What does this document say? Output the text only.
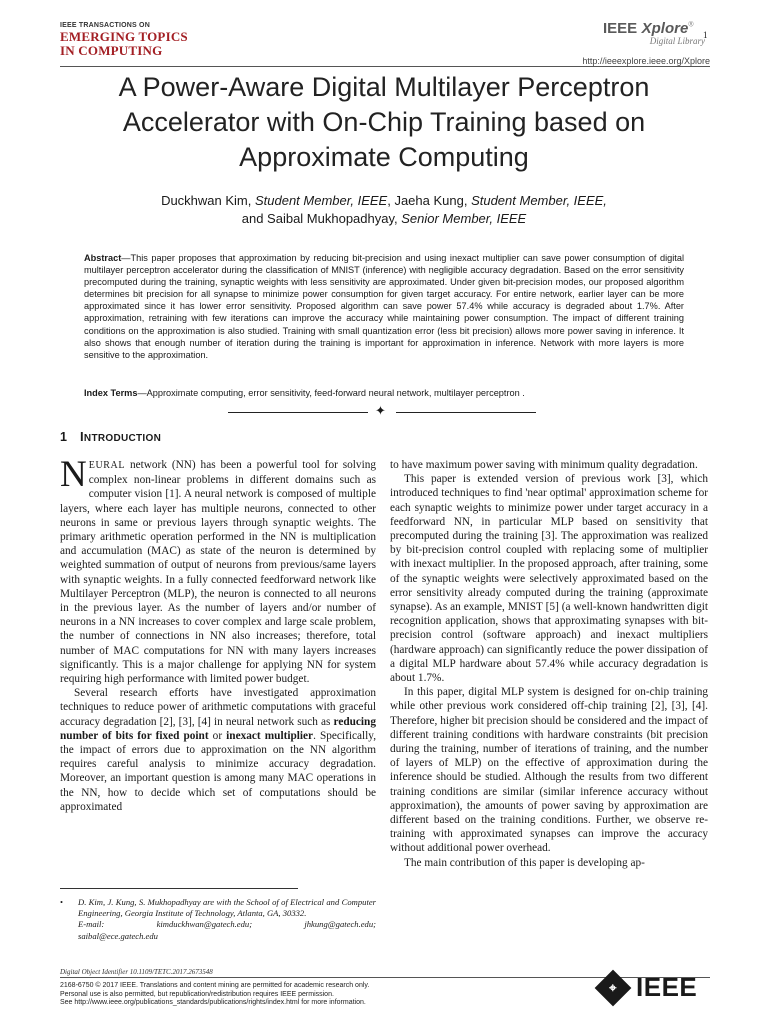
IEEE TRANSACTIONS ON
EMERGING TOPICS
IN COMPUTING
IEEE Xplore®
Digital Library
1
http://ieeexplore.ieee.org/Xplore
A Power-Aware Digital Multilayer Perceptron Accelerator with On-Chip Training based on Approximate Computing
Duckhwan Kim, Student Member, IEEE, Jaeha Kung, Student Member, IEEE,
and Saibal Mukhopadhyay, Senior Member, IEEE
Abstract—This paper proposes that approximation by reducing bit-precision and using inexact multiplier can save power consumption of digital multilayer perceptron accelerator during the classification of MNIST (inference) with negligible accuracy degradation. Based on the error sensitivity precomputed during the training, synaptic weights with less sensitivity are approximated. Under given bit-precision modes, our proposed algorithm determines bit precision for all synapse to minimize power consumption for given target accuracy. For entire network, earlier layer can be more approximated since it has lower error sensitivity. Proposed algorithm can save power 57.4% while accuracy is degraded about 1.7%. After approximation, retraining with few iterations can improve the accuracy while maintaining power consumption. The impact of different training conditions on the approximation is also studied. Training with small quantization error (less bit precision) allows more power saving in inference. It also shows that enough number of iteration during the training is important for approximation in inference. Network with more layers is more sensitive to the approximation.
Index Terms—Approximate computing, error sensitivity, feed-forward neural network, multilayer perceptron .
✦
1 INTRODUCTION

NEURAL network (NN) has been a powerful tool for solving complex non-linear problems in different domains such as computer vision [1]. A neural network is composed of multiple layers, where each layer has multiple neurons, connected to other neurons in same or previous layers through synaptic weights. The primary arithmetic operation performed in the NN is multiplication and accumulation (MAC) as state of the neuron is determined by weighted summation of output of neurons from previous/same layers with synaptic weights. In a fully connected feedforward network like Multilayer Perceptron (MLP), the neuron is connected to all neurons in the previous layer. As the number of layers and/or number of neurons in a NN increases to cover complex and large scale problem, the number of connections in NN also increases; therefore, total number of MAC computations for NN with many layers increases significantly. This is a major challenge for applying NN for system requiring high performance with limited power budget.

Several research efforts have investigated approximation techniques to reduce power of arithmetic computations with graceful accuracy degradation [2], [3], [4] in neural network such as reducing number of bits for fixed point or inexact multiplier. Specifically, the impact of errors due to approximation on the NN algorithm requires careful analysis to minimize accuracy degradation. Moreover, an important question is among many MAC operations in the NN, how to decide which set of computations should be approximated

to have maximum power saving with minimum quality degradation.

This paper is extended version of previous work [3], which introduced techniques to find 'near optimal' approximation scheme for each synaptic weights to minimize power under target accuracy in a feedforward NN, in particular MLP based on sensitivity that precomputed during the training [3]. The approximation was realized by bit-precision control coupled with replacing some of multiplier with inexact multiplier. In the proposed approach, after training, some of the synaptic weights were selectively approximated based on the error sensitivity already computed during the training (approximate synapse). As an example, MNIST [5] (a well-known handwritten digit recognition application, shows that approximating synapses with bit-precision control (software approach) and inexact multipliers (hardware approach) can significantly reduce the power dissipation of a digital MLP hardware about 57.4% while accuracy degradation is about 1.7%.

In this paper, digital MLP system is designed for on-chip training while other previous work considered off-chip training [2], [3], [4]. Therefore, higher bit precision should be considered and the impact of different training conditions with hardware constraints (bit precision during the training, number of iterations of training, and the number of layers of MLP) on the effective of approximation during the inference should be studied. Although the results from two different training conditions are similar (similar inference accuracy without approximation), the amounts of power saving by approximation are different based on the training conditions. Further, we observe re-training with approximated synapses can improve the accuracy without additional power overhead.

The main contribution of this paper is developing ap-

• D. Kim, J. Kung, S. Mukhopadhyay are with the School of of Electrical and Computer Engineering, Georgia Institute of Technology, Atlanta, GA, 30332.
E-mail:	kimduckhwan@gatech.edu;	jhkung@gatech.edu;
saibal@ece.gatech.edu
Digital Object Identifier 10.1109/TETC.2017.2673548
2168-6750 © 2017 IEEE. Translations and content mining are permitted for academic research only.
Personal use is also permitted, but republication/redistribution requires IEEE permission.
See http://www.ieee.org/publications_standards/publications/rights/index.html for more information.
⌖ IEEE
